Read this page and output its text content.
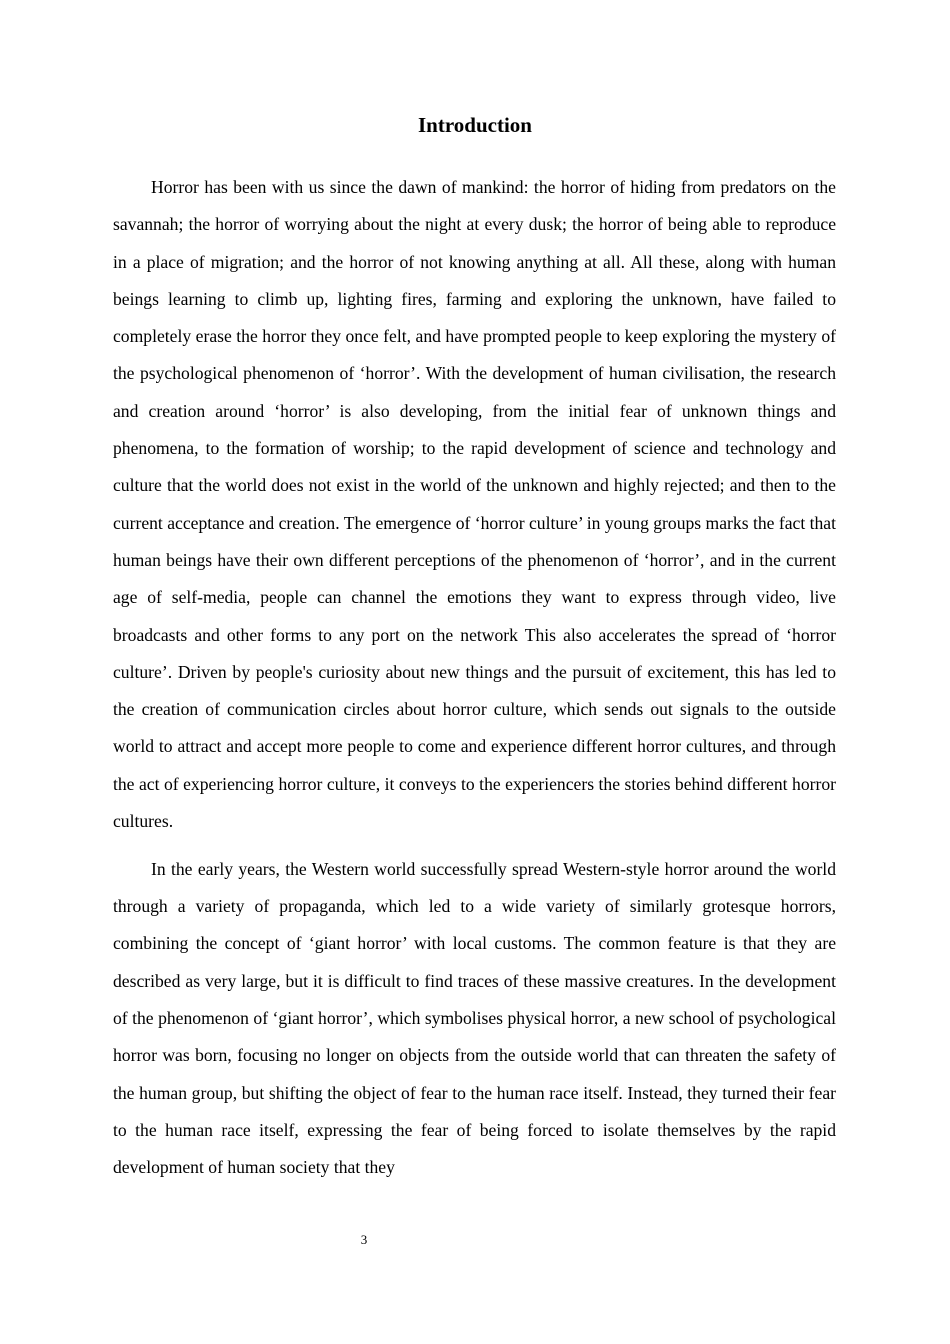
Introduction

Horror has been with us since the dawn of mankind: the horror of hiding from predators on the savannah; the horror of worrying about the night at every dusk; the horror of being able to reproduce in a place of migration; and the horror of not knowing anything at all. All these, along with human beings learning to climb up, lighting fires, farming and exploring the unknown, have failed to completely erase the horror they once felt, and have prompted people to keep exploring the mystery of the psychological phenomenon of ‘horror’. With the development of human civilisation, the research and creation around ‘horror’ is also developing, from the initial fear of unknown things and phenomena, to the formation of worship; to the rapid development of science and technology and culture that the world does not exist in the world of the unknown and highly rejected; and then to the current acceptance and creation. The emergence of ‘horror culture’ in young groups marks the fact that human beings have their own different perceptions of the phenomenon of ‘horror’, and in the current age of self-media, people can channel the emotions they want to express through video, live broadcasts and other forms to any port on the network This also accelerates the spread of ‘horror culture’. Driven by people's curiosity about new things and the pursuit of excitement, this has led to the creation of communication circles about horror culture, which sends out signals to the outside world to attract and accept more people to come and experience different horror cultures, and through the act of experiencing horror culture, it conveys to the experiencers the stories behind different horror cultures.

In the early years, the Western world successfully spread Western-style horror around the world through a variety of propaganda, which led to a wide variety of similarly grotesque horrors, combining the concept of ‘giant horror’ with local customs. The common feature is that they are described as very large, but it is difficult to find traces of these massive creatures. In the development of the phenomenon of ‘giant horror’, which symbolises physical horror, a new school of psychological horror was born, focusing no longer on objects from the outside world that can threaten the safety of the human group, but shifting the object of fear to the human race itself. Instead, they turned their fear to the human race itself, expressing the fear of being forced to isolate themselves by the rapid development of human society that they

3
